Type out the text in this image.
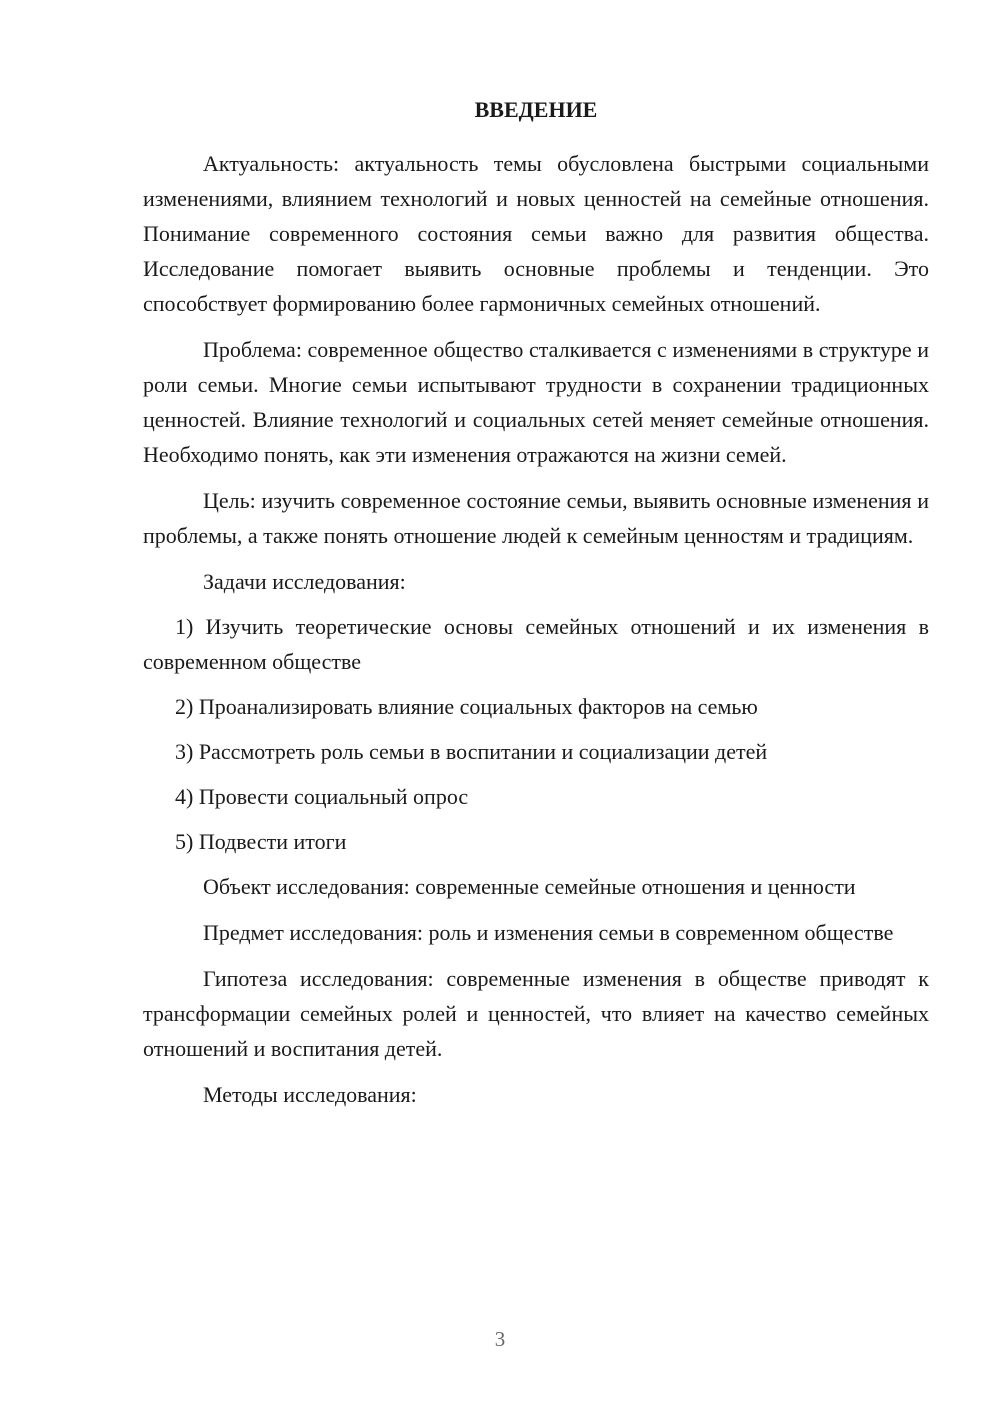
ВВЕДЕНИЕ
Актуальность: актуальность темы обусловлена быстрыми социальными изменениями, влиянием технологий и новых ценностей на семейные отношения. Понимание современного состояния семьи важно для развития общества. Исследование помогает выявить основные проблемы и тенденции. Это способствует формированию более гармоничных семейных отношений.
Проблема: современное общество сталкивается с изменениями в структуре и роли семьи. Многие семьи испытывают трудности в сохранении традиционных ценностей. Влияние технологий и социальных сетей меняет семейные отношения. Необходимо понять, как эти изменения отражаются на жизни семей.
Цель: изучить современное состояние семьи, выявить основные изменения и проблемы, а также понять отношение людей к семейным ценностям и традициям.
Задачи исследования:
1) Изучить теоретические основы семейных отношений и их изменения в современном обществе
2) Проанализировать влияние социальных факторов на семью
3) Рассмотреть роль семьи в воспитании и социализации детей
4) Провести социальный опрос
5) Подвести итоги
Объект исследования: современные семейные отношения и ценности
Предмет исследования: роль и изменения семьи в современном обществе
Гипотеза исследования: современные изменения в обществе приводят к трансформации семейных ролей и ценностей, что влияет на качество семейных отношений и воспитания детей.
Методы исследования:
3
